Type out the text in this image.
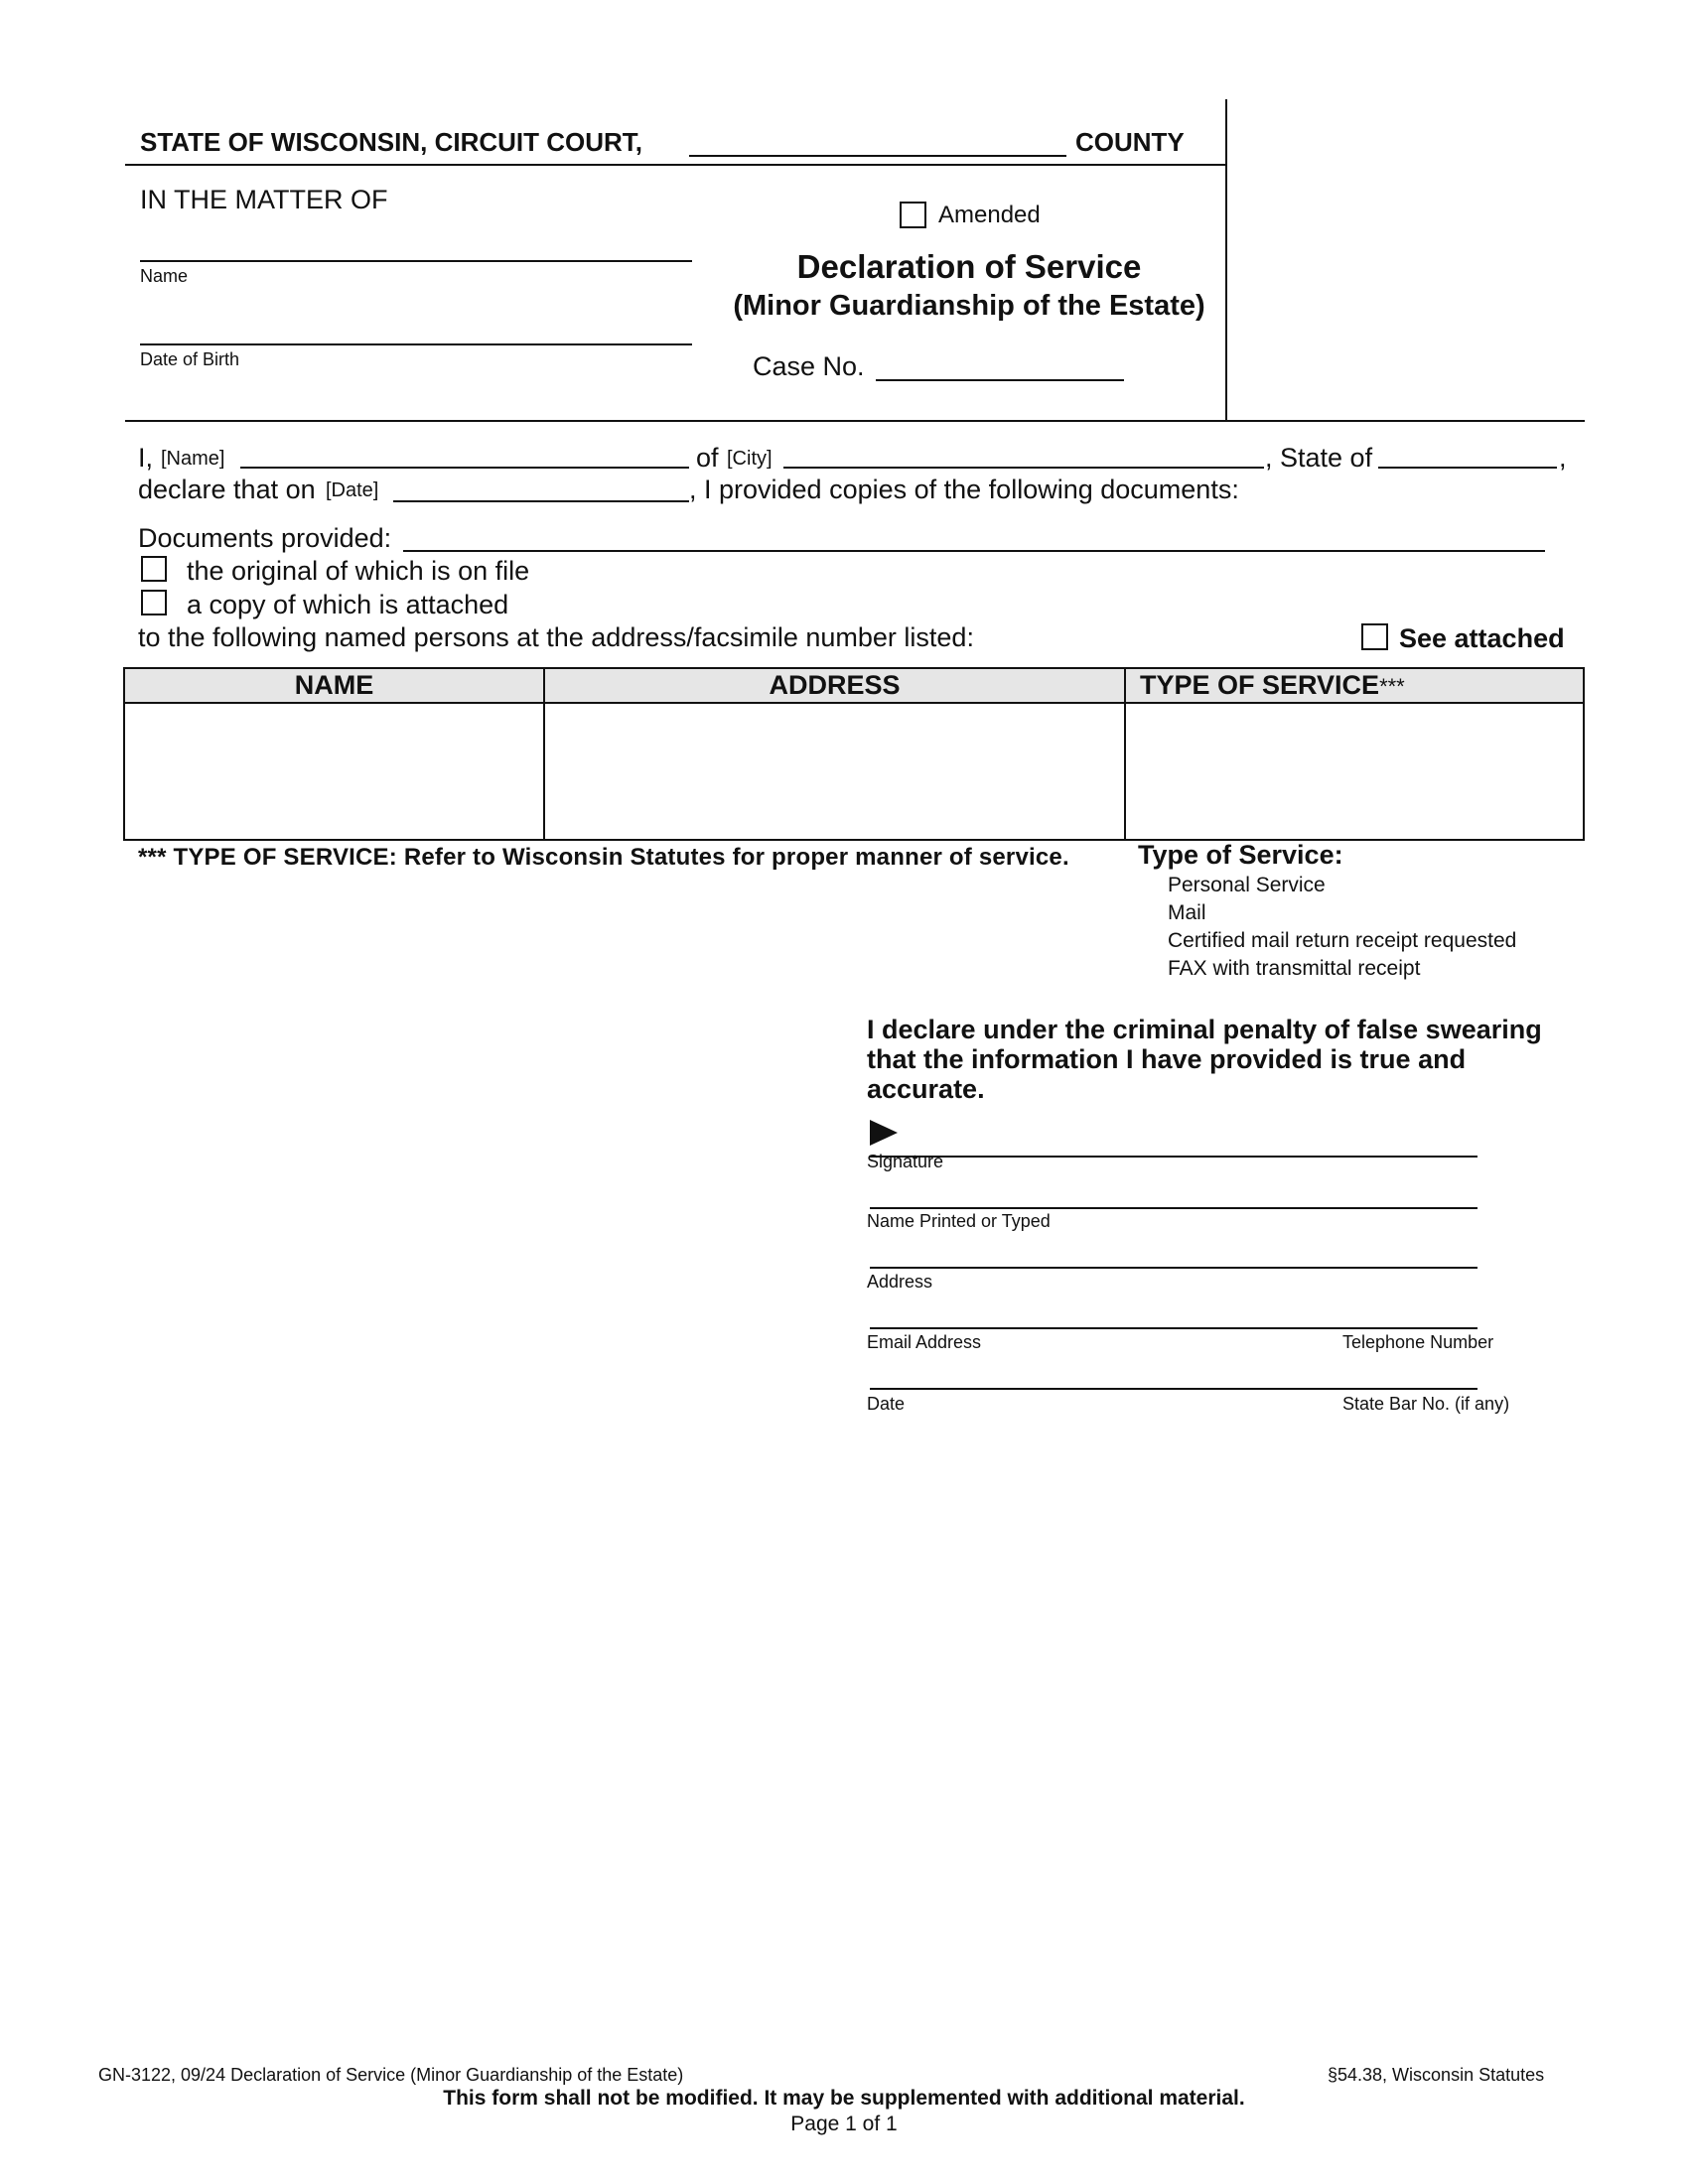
STATE OF WISCONSIN, CIRCUIT COURT,	COUNTY
IN THE MATTER OF
Name
Date of Birth
Amended
Declaration of Service
(Minor Guardianship of the Estate)
Case No.
I, [Name]	of [City]	, State of	,
declare that on [Date]	, I provided copies of the following documents:
Documents provided:
the original of which is on file
a copy of which is attached
to the following named persons at the address/facsimile number listed:	See attached
NAME	ADDRESS	TYPE OF SERVICE***

*** TYPE OF SERVICE: Refer to Wisconsin Statutes for proper manner of service.	Type of Service:
Personal Service
Mail
Certified mail return receipt requested
FAX with transmittal receipt
I declare under the criminal penalty of false swearing
that the information I have provided is true and
accurate.
Signature
Name Printed or Typed
Address
Email Address	Telephone Number
Date	State Bar No. (if any)
GN-3122, 09/24 Declaration of Service (Minor Guardianship of the Estate)	§54.38, Wisconsin Statutes
This form shall not be modified. It may be supplemented with additional material.
Page 1 of 1
